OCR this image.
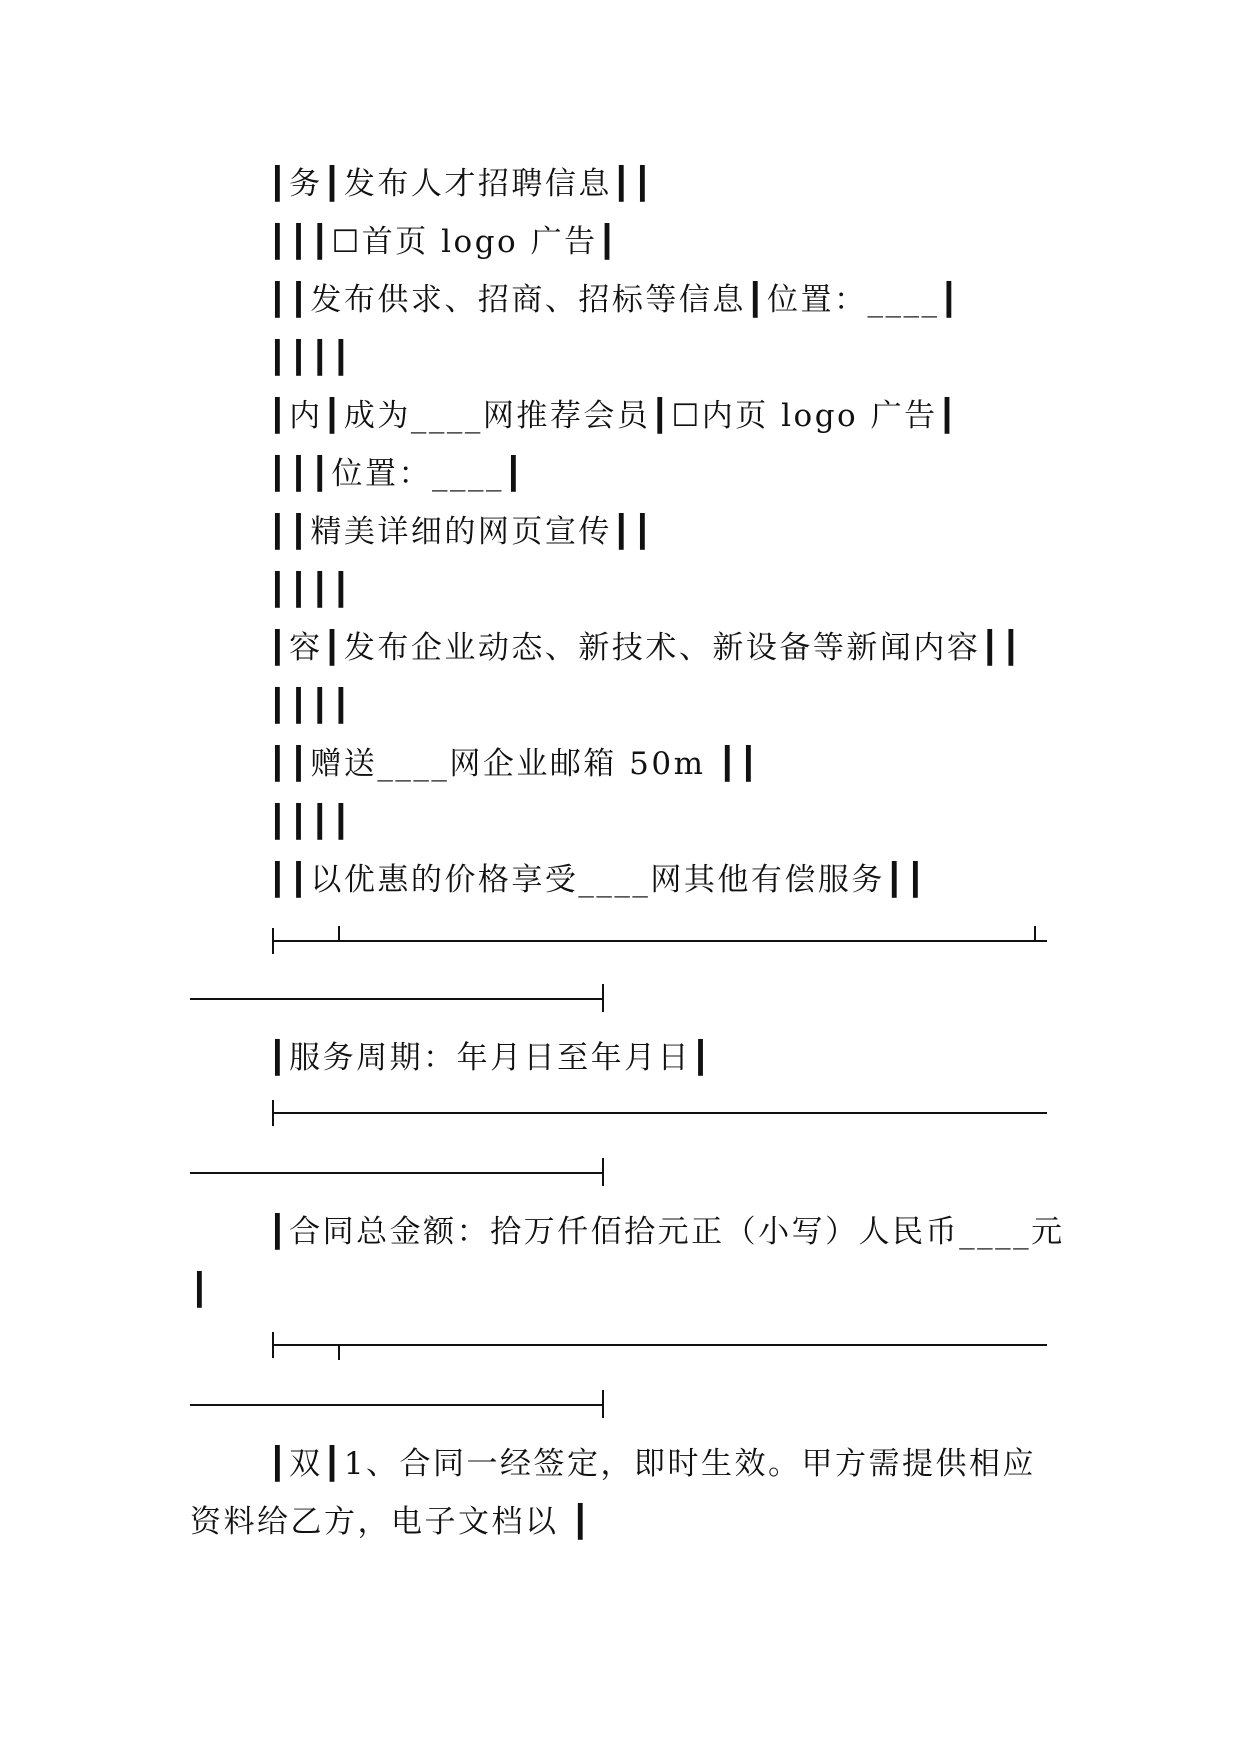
┃务┃发布人才招聘信息┃┃
┃┃┃☐首页 logo 广告┃
┃┃发布供求、招商、招标等信息┃位置：____┃
┃┃┃┃
┃内┃成为____网推荐会员┃☐内页 logo 广告┃
┃┃┃位置：____┃
┃┃精美详细的网页宣传┃┃
┃┃┃┃
┃容┃发布企业动态、新技术、新设备等新闻内容┃┃
┃┃┃┃
┃┃赠送____网企业邮箱 50m ┃┃
┃┃┃┃
┃┃以优惠的价格享受____网其他有偿服务┃┃
┃服务周期：年月日至年月日┃
┃合同总金额：拾万仟佰拾元正（小写）人民币____元
┃
┃双┃1、合同一经签定，即时生效。甲方需提供相应
资料给乙方，电子文档以 ┃
